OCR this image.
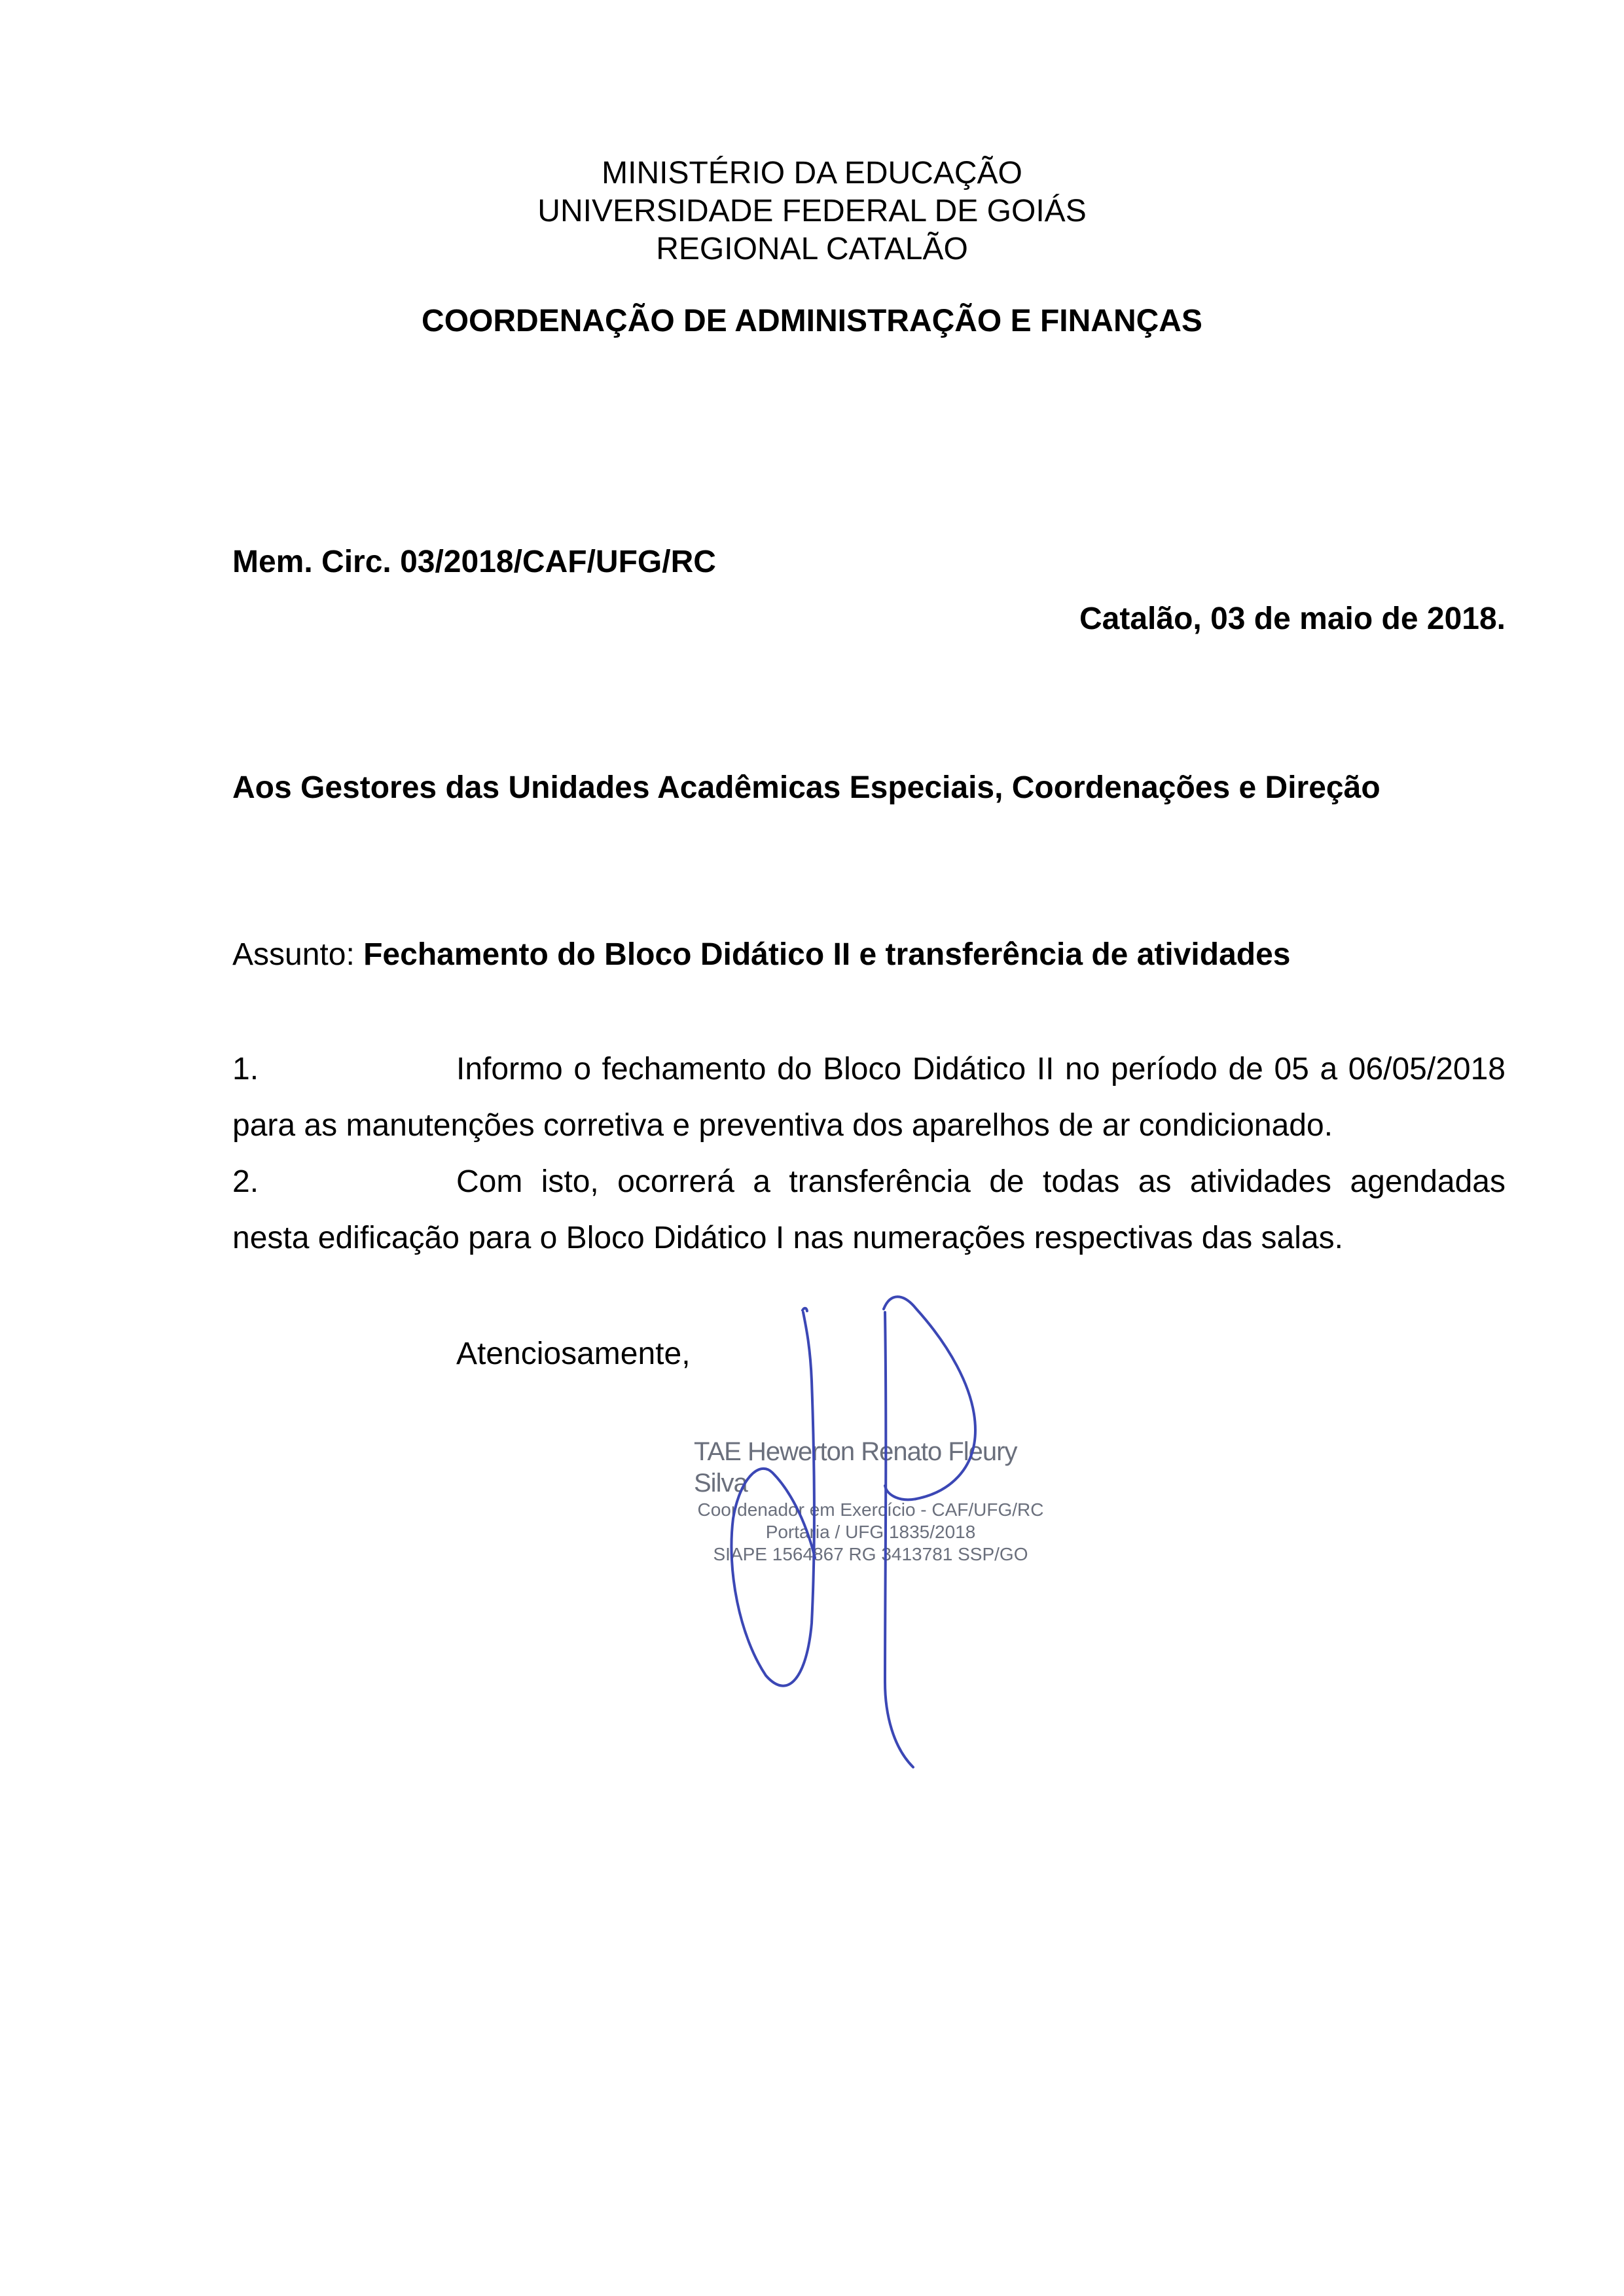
MINISTÉRIO DA EDUCAÇÃO
UNIVERSIDADE FEDERAL DE GOIÁS
REGIONAL CATALÃO
COORDENAÇÃO DE ADMINISTRAÇÃO E FINANÇAS
Mem. Circ. 03/2018/CAF/UFG/RC
Catalão, 03 de maio de 2018.
Aos Gestores das Unidades Acadêmicas Especiais, Coordenações e Direção
Assunto: Fechamento do Bloco Didático II e transferência de atividades
1.	Informo o fechamento do Bloco Didático II no período de 05 a 06/05/2018
para as manutenções corretiva e preventiva dos aparelhos de ar condicionado.
2.	Com isto, ocorrerá a transferência de todas as atividades agendadas
nesta edificação para o Bloco Didático I nas numerações respectivas das salas.
Atenciosamente,
TAE Hewerton Renato Fleury Silva
Coordenador em Exercício - CAF/UFG/RC
Portaria / UFG 1835/2018
SIAPE 1564867 RG 3413781 SSP/GO
